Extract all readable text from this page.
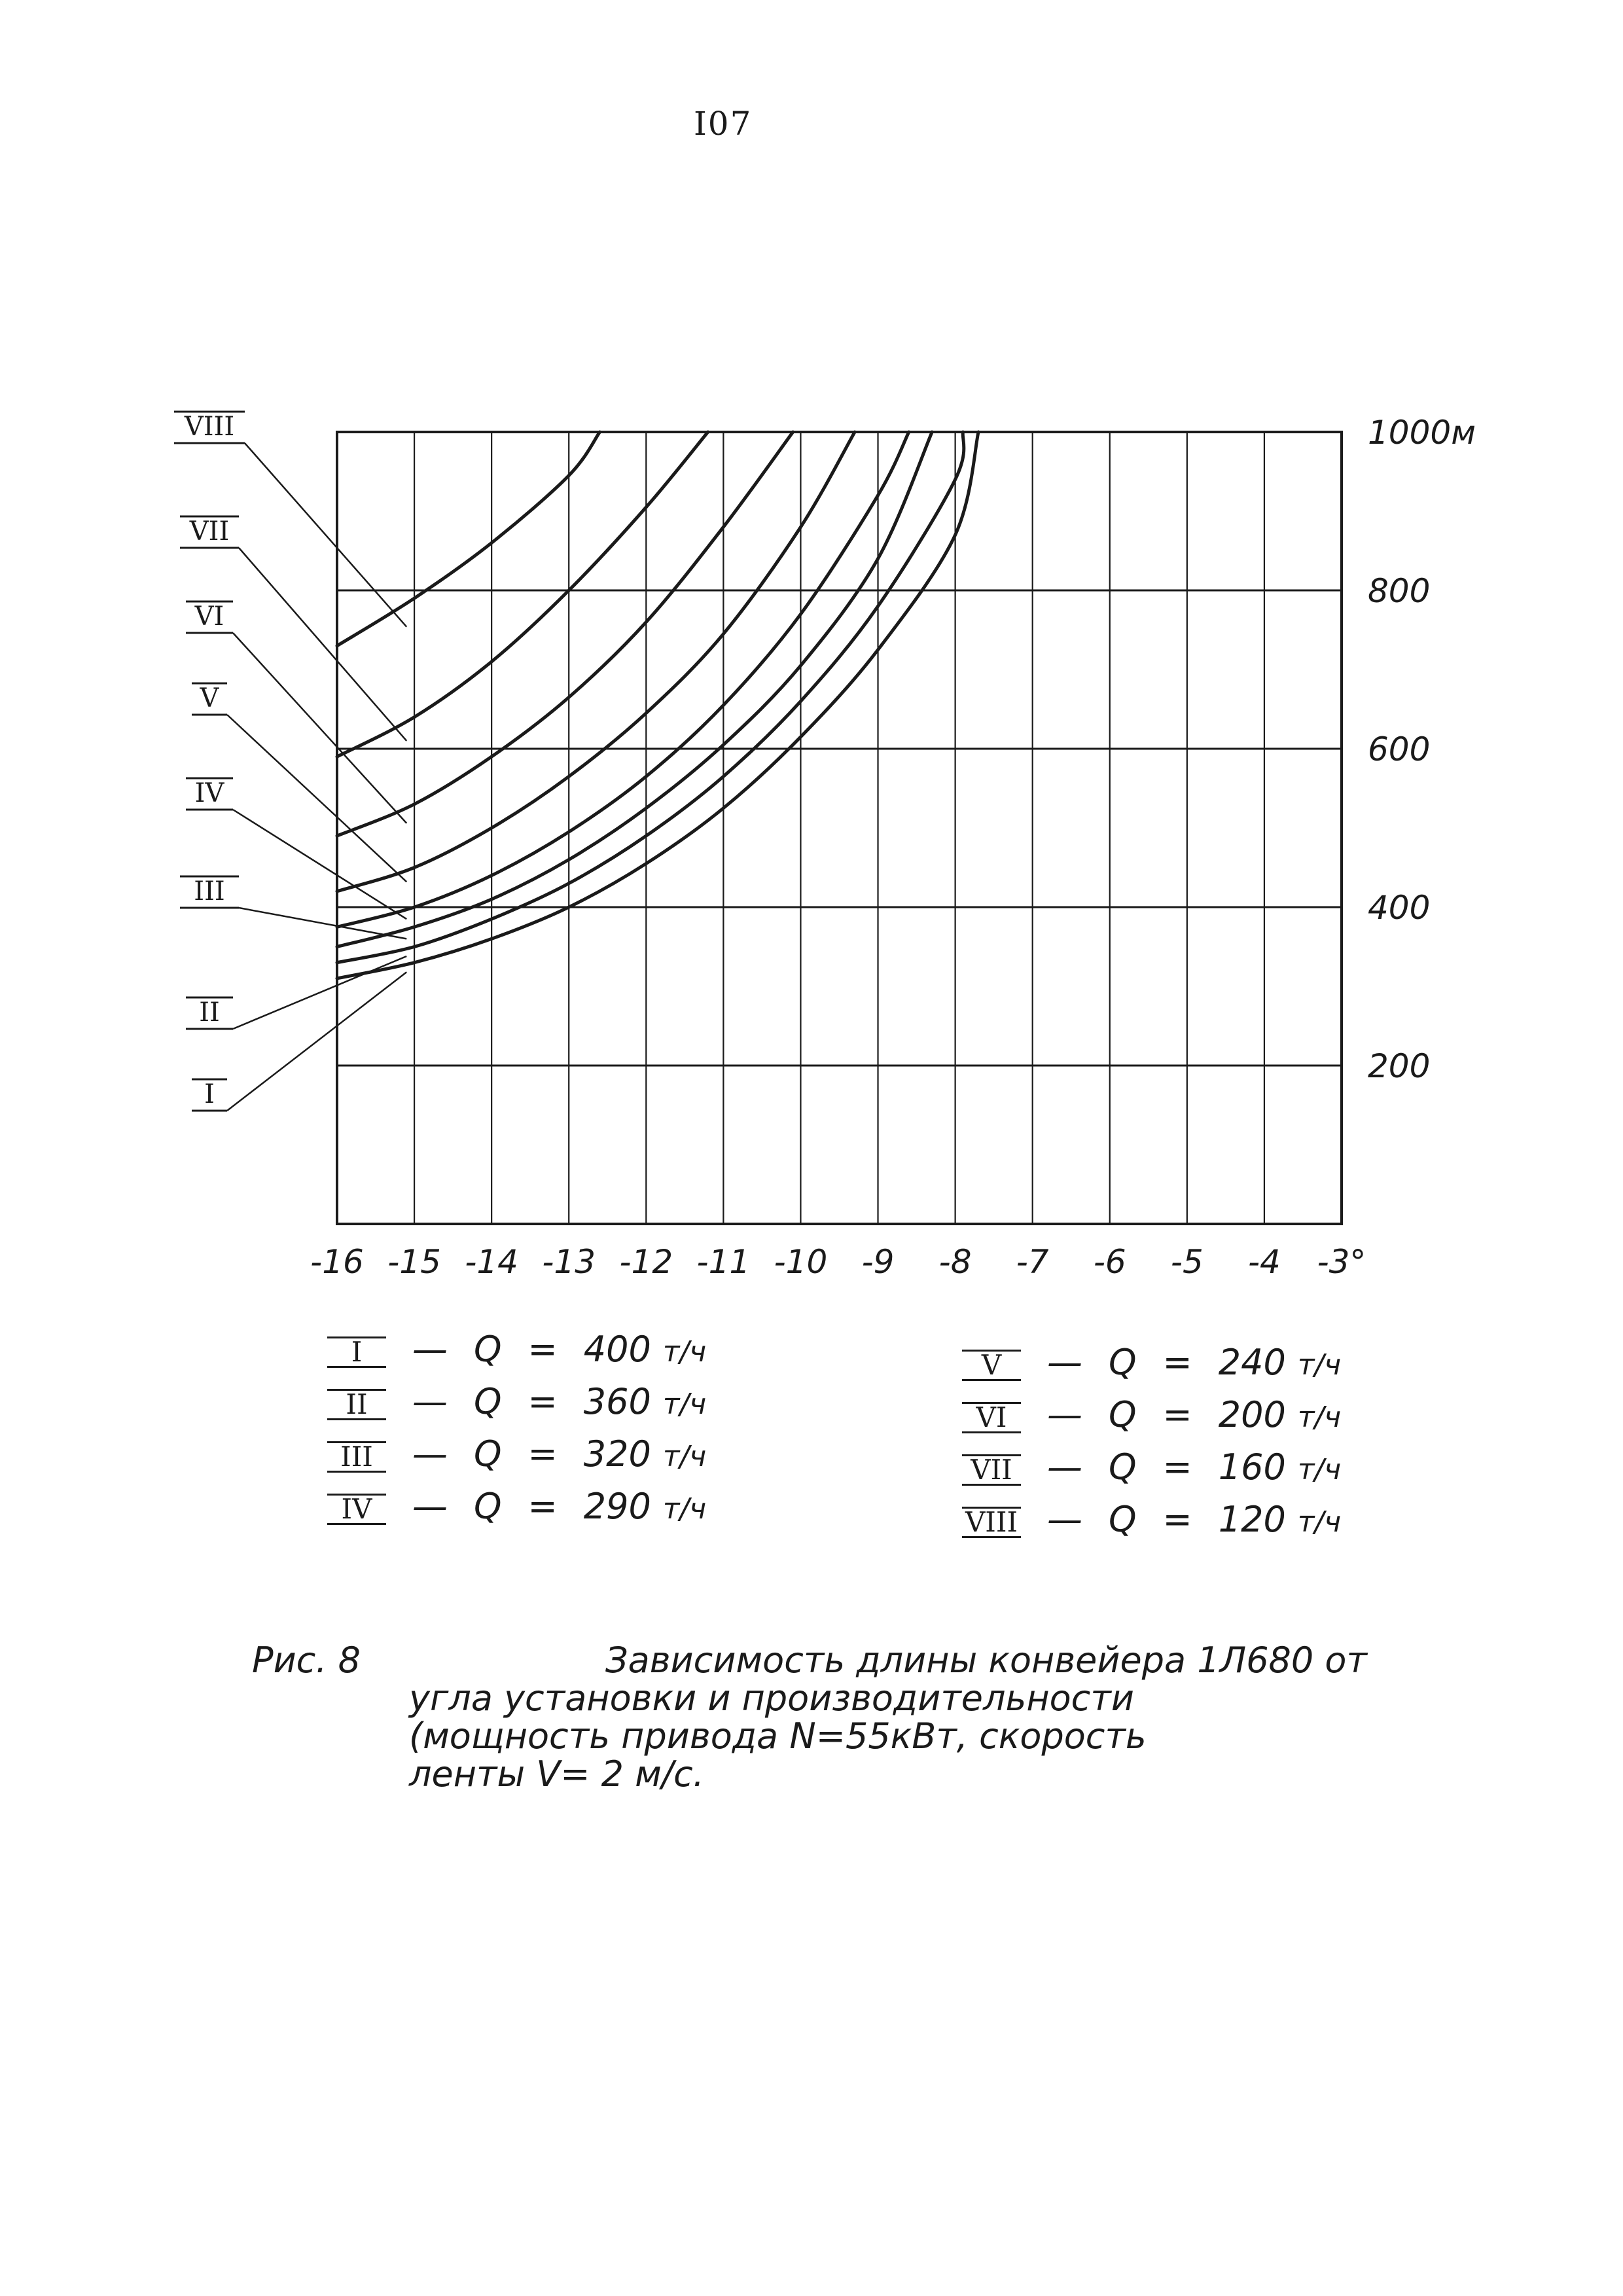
I07
-16 -15 -14 -13 -12 -11 -10 -9 -8 -7 -6 -5 -4 -3°
200
400
600
800
1000м
I
II
III
IV
V
VI
VII
VIII
I	— Q = 400 т/ч
II	— Q = 360 т/ч
III	— Q = 320 т/ч
IV	— Q = 290 т/ч
V	— Q = 240 т/ч
VI	— Q = 200 т/ч
VII — Q = 160 т/ч
VIII — Q = 120 т/ч
Рис. 8	Зависимость длины конвейера 1Л680 от
угла установки и производительности
(мощность привода N=55кВт, скорость
ленты V= 2 м/с.
